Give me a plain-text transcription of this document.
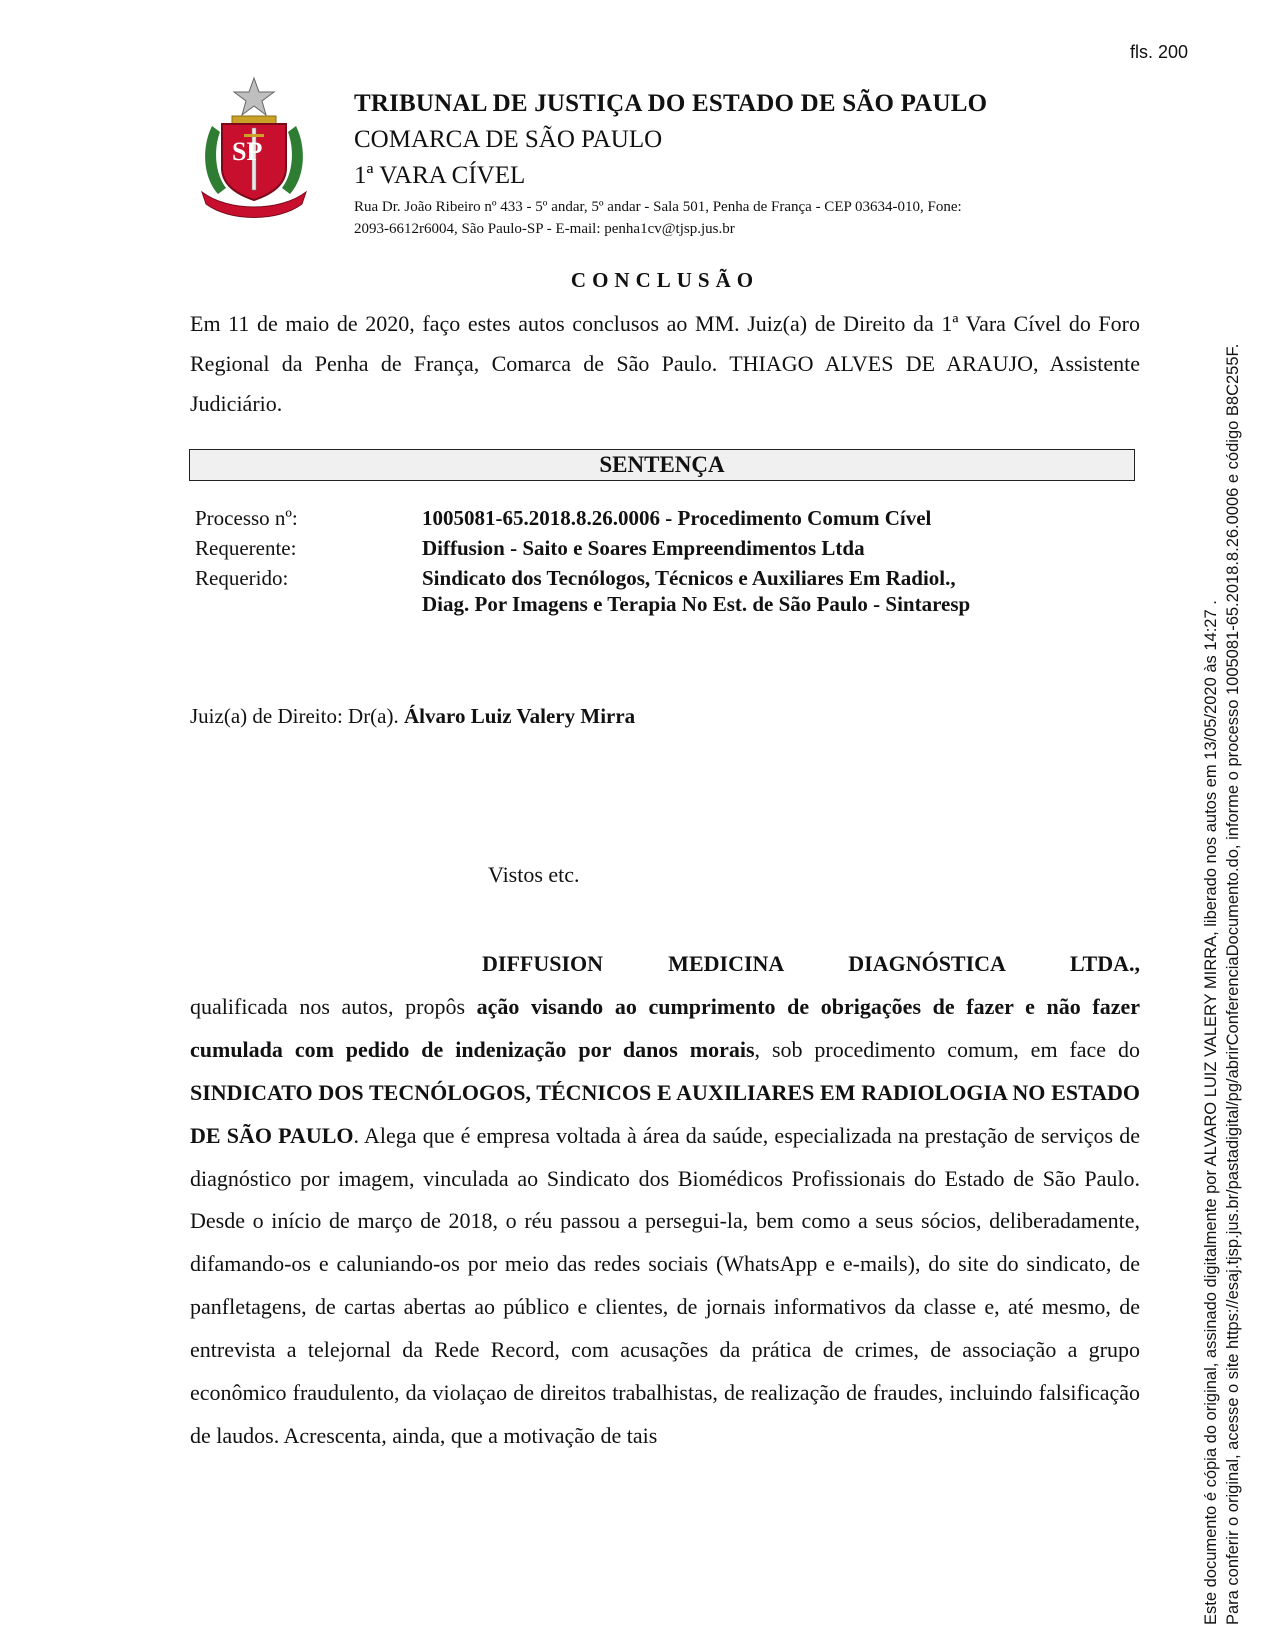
fls. 200
SP
TRIBUNAL DE JUSTIÇA DO ESTADO DE SÃO PAULO
COMARCA DE SÃO PAULO
1ª VARA CÍVEL
Rua Dr. João Ribeiro nº 433 - 5º andar, 5º andar - Sala 501, Penha de França - CEP 03634-010, Fone:
2093-6612r6004, São Paulo-SP - E-mail: penha1cv@tjsp.jus.br
CONCLUSÃO
Em 11 de maio de 2020, faço estes autos conclusos ao MM. Juiz(a) de Direito da 1ª Vara Cível do Foro Regional da Penha de França, Comarca de São Paulo. THIAGO ALVES DE ARAUJO, Assistente Judiciário.
SENTENÇA
Processo nº:	1005081-65.2018.8.26.0006 - Procedimento Comum Cível
Requerente:	Diffusion - Saito e Soares Empreendimentos Ltda
Requerido:	Sindicato dos Tecnólogos, Técnicos e Auxiliares Em Radiol.,
Diag. Por Imagens e Terapia No Est. de São Paulo - Sintaresp
Juiz(a) de Direito: Dr(a). Álvaro Luiz Valery Mirra
Vistos etc.
DIFFUSION MEDICINA DIAGNÓSTICA LTDA.,
qualificada nos autos, propôs ação visando ao cumprimento de obrigações de fazer e não fazer cumulada com pedido de indenização por danos morais, sob procedimento comum, em face do SINDICATO DOS TECNÓLOGOS, TÉCNICOS E AUXILIARES EM RADIOLOGIA NO ESTADO DE SÃO PAULO. Alega que é empresa voltada à área da saúde, especializada na prestação de serviços de diagnóstico por imagem, vinculada ao Sindicato dos Biomédicos Profissionais do Estado de São Paulo. Desde o início de março de 2018, o réu passou a persegui-la, bem como a seus sócios, deliberadamente, difamando-os e caluniando-os por meio das redes sociais (WhatsApp e e-mails), do site do sindicato, de panfletagens, de cartas abertas ao público e clientes, de jornais informativos da classe e, até mesmo, de entrevista a telejornal da Rede Record, com acusações da prática de crimes, de associação a grupo econômico fraudulento, da violaçao de direitos trabalhistas, de realização de fraudes, incluindo falsificação de laudos. Acrescenta, ainda, que a motivação de tais	Este documento é cópia do original, assinado digitalmente por ALVARO LUIZ VALERY MIRRA, liberado nos autos em 13/05/2020 às 14:27 . Para conferir o original, acesse o site https://esaj.tjsp.jus.br/pastadigital/pg/abrirConferenciaDocumento.do, informe o processo 1005081-65.2018.8.26.0006 e código B8C255F.
